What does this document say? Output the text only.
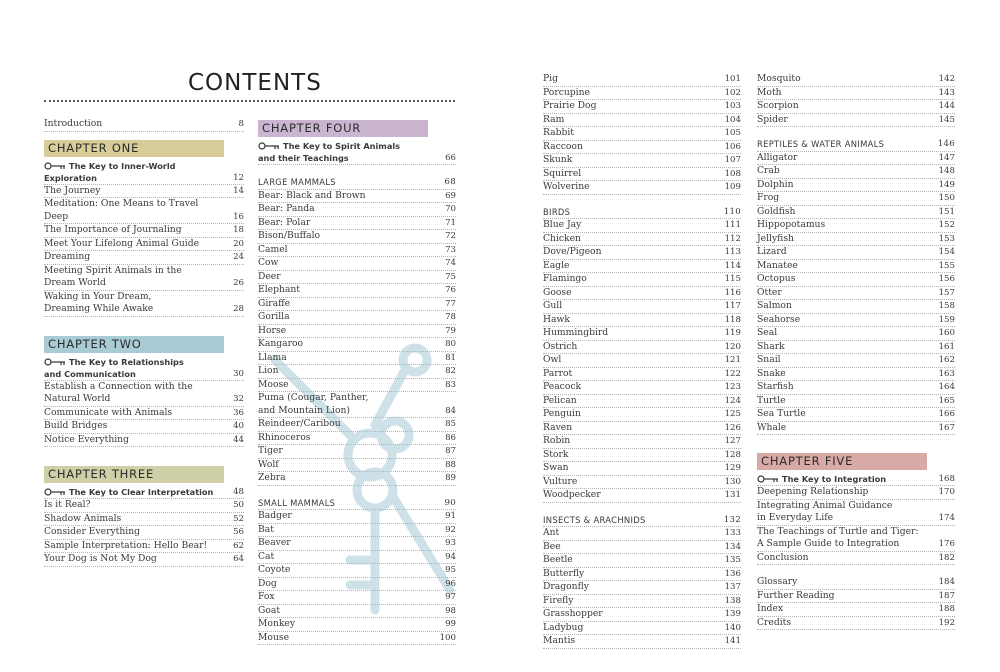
CONTENTS
Introduction	8
CHAPTER ONE
The Key to Inner-World Exploration	12
The Journey	14
Meditation: One Means to Travel Deep	16
The Importance of Journaling	18
Meet Your Lifelong Animal Guide	20
Dreaming	24
Meeting Spirit Animals in the
Dream World	26
Waking in Your Dream,
Dreaming While Awake	28
CHAPTER TWO
The Key to Relationships
and Communication	30
Establish a Connection with the
Natural World	32
Communicate with Animals	36
Build Bridges	40
Notice Everything	44
CHAPTER THREE
The Key to Clear Interpretation	48
Is it Real?	50
Shadow Animals	52
Consider Everything	56
Sample Interpretation: Hello Bear!	62
Your Dog is Not My Dog	64
CHAPTER FOUR
The Key to Spirit Animals
and their Teachings	66
LARGE MAMMALS	68
Bear: Black and Brown	69
Bear: Panda	70
Bear: Polar	71
Bison/Buffalo	72
Camel	73
Cow	74
Deer	75
Elephant	76
Giraffe	77
Gorilla	78
Horse	79
Kangaroo	80
Llama	81
Lion	82
Moose	83
Puma (Cougar, Panther,
and Mountain Lion)	84
Reindeer/Caribou	85
Rhinoceros	86
Tiger	87
Wolf	88
Zebra	89
SMALL MAMMALS	90
Badger	91
Bat	92
Beaver	93
Cat	94
Coyote	95
Dog	96
Fox	97
Goat	98
Monkey	99
Mouse	100
Pig	101
Porcupine	102
Prairie Dog	103
Ram	104
Rabbit	105
Raccoon	106
Skunk	107
Squirrel	108
Wolverine	109
BIRDS	110
Blue Jay	111
Chicken	112
Dove/Pigeon	113
Eagle	114
Flamingo	115
Goose	116
Gull	117
Hawk	118
Hummingbird	119
Ostrich	120
Owl	121
Parrot	122
Peacock	123
Pelican	124
Penguin	125
Raven	126
Robin	127
Stork	128
Swan	129
Vulture	130
Woodpecker	131
INSECTS & ARACHNIDS	132
Ant	133
Bee	134
Beetle	135
Butterfly	136
Dragonfly	137
Firefly	138
Grasshopper	139
Ladybug	140
Mantis	141
Mosquito	142
Moth	143
Scorpion	144
Spider	145
REPTILES & WATER ANIMALS	146
Alligator	147
Crab	148
Dolphin	149
Frog	150
Goldfish	151
Hippopotamus	152
Jellyfish	153
Lizard	154
Manatee	155
Octopus	156
Otter	157
Salmon	158
Seahorse	159
Seal	160
Shark	161
Snail	162
Snake	163
Starfish	164
Turtle	165
Sea Turtle	166
Whale	167
CHAPTER FIVE
The Key to Integration	168
Deepening Relationship	170
Integrating Animal Guidance
in Everyday Life	174
The Teachings of Turtle and Tiger:
A Sample Guide to Integration	176
Conclusion	182
Glossary	184
Further Reading	187
Index	188
Credits	192
